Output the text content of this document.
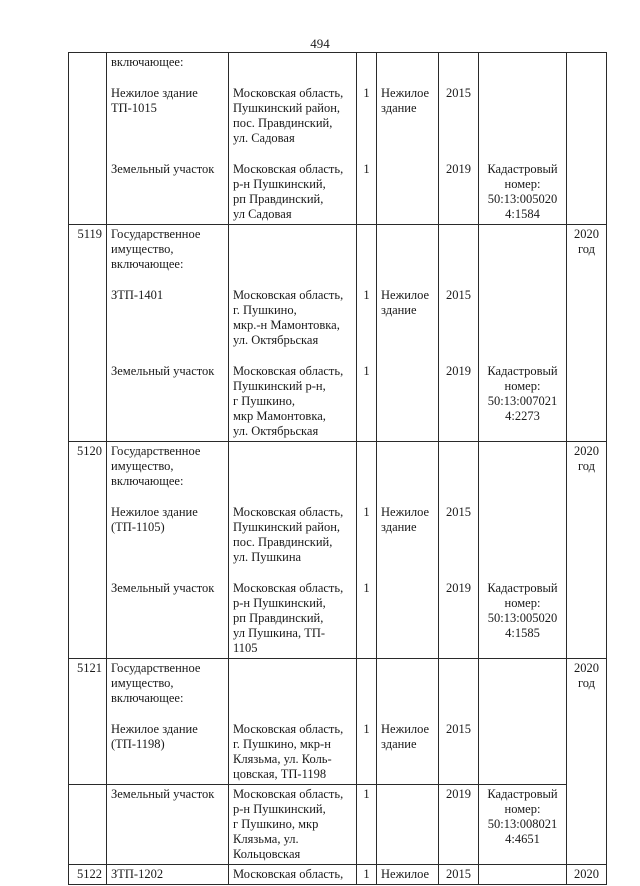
494
	включающее:						
	Нежилое здание
ТП-1015	Московская область,
Пушкинский район,
пос. Правдинский,
ул. Садовая	1	Нежилое
здание	2015		
	Земельный участок	Московская область,
р-н Пушкинский,
рп Правдинский,
ул Садовая	1		2019	Кадастровый
номер:
50:13:005020
4:1584	
5119	Государственное
имущество,
включающее:						2020
год
	ЗТП-1401	Московская область,
г. Пушкино,
мкр.-н Мамонтовка,
ул. Октябрьская	1	Нежилое
здание	2015		
	Земельный участок	Московская область,
Пушкинский р-н,
г Пушкино,
мкр Мамонтовка,
ул. Октябрьская	1		2019	Кадастровый
номер:
50:13:007021
4:2273	
5120	Государственное
имущество,
включающее:						2020
год
	Нежилое здание
(ТП-1105)	Московская область,
Пушкинский район,
пос. Правдинский,
ул. Пушкина	1	Нежилое
здание	2015		
	Земельный участок	Московская область,
р-н Пушкинский,
рп Правдинский,
ул Пушкина, ТП-
1105	1		2019	Кадастровый
номер:
50:13:005020
4:1585	
5121	Государственное
имущество,
включающее:						2020
год
	Нежилое здание
(ТП-1198)	Московская область,
г. Пушкино, мкр-н
Клязьма, ул. Коль-
цовская, ТП-1198	1	Нежилое
здание	2015		
	Земельный участок	Московская область,
р-н Пушкинский,
г Пушкино, мкр
Клязьма, ул.
Кольцовская	1		2019	Кадастровый
номер:
50:13:008021
4:4651	
5122	ЗТП-1202	Московская область,	1	Нежилое	2015		2020
